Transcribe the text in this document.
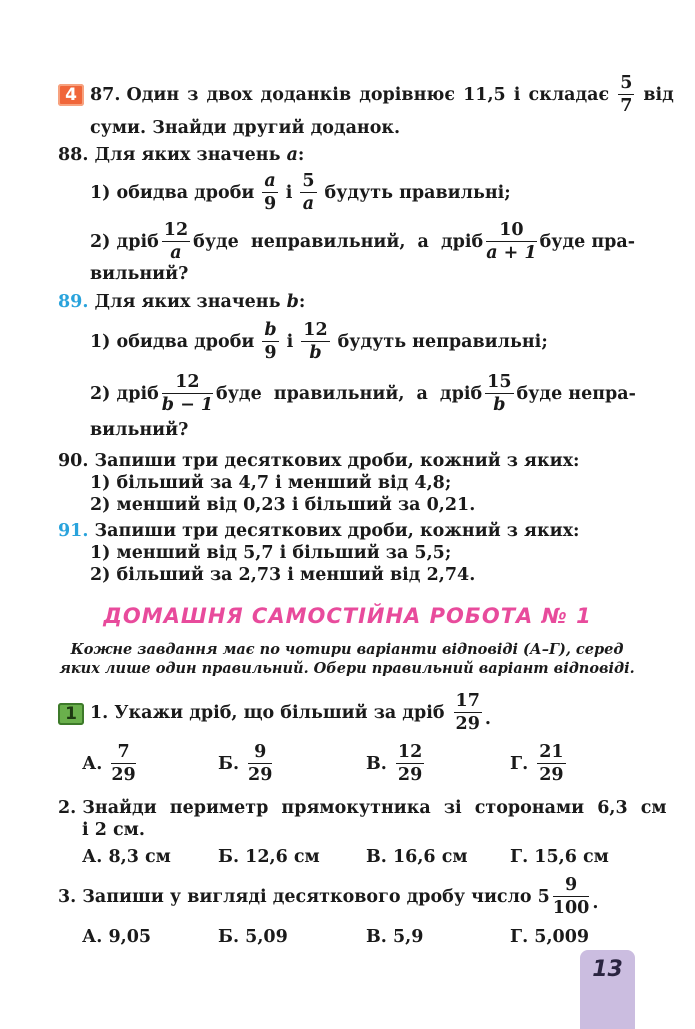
4 87. Один з двох доданків дорівнює 11,5 і складає $\frac{5}{7}$ від
суми. Знайди другий доданок.
88. Для яких значень a:
1) обидва дроби $\frac{a}{9}$ і $\frac{5}{a}$ будуть правильні;
2) дріб $\frac{12}{a}$ буде неправильний, а дріб $\frac{10}{a + 1}$ буде пра-
вильний?
89. Для яких значень b:
1) обидва дроби $\frac{b}{9}$ і $\frac{12}{b}$ будуть неправильні;
2) дріб $\frac{12}{b - 1}$ буде правильний, а дріб $\frac{15}{b}$ буде непра-
вильний?
90. Запиши три десяткових дроби, кожний з яких:
1) більший за 4,7 і менший від 4,8;
2) менший від 0,23 і більший за 0,21.
91. Запиши три десяткових дроби, кожний з яких:
1) менший від 5,7 і більший за 5,5;
2) більший за 2,73 і менший від 2,74.
ДОМАШНЯ САМОСТІЙНА РОБОТА № 1
Кожне завдання має по чотири варіанти відповіді (А–Г), серед
яких лише один правильний. Обери правильний варіант відповіді.
1 1. Укажи дріб, що більший за дріб $\frac{17}{29}$ .
А. $\frac{7}{29}$	Б. $\frac{9}{29}$	В. $\frac{12}{29}$	Г. $\frac{21}{29}$
2. Знайди периметр прямокутника зі сторонами 6,3 см
і 2 см.
А. 8,3 см	Б. 12,6 см	В. 16,6 см Г. 15,6 см
3. Запиши у вигляді десяткового дробу число $5 \frac{9}{100}$ .
А. 9,05	Б. 5,09	В. 5,9	Г. 5,009
13
